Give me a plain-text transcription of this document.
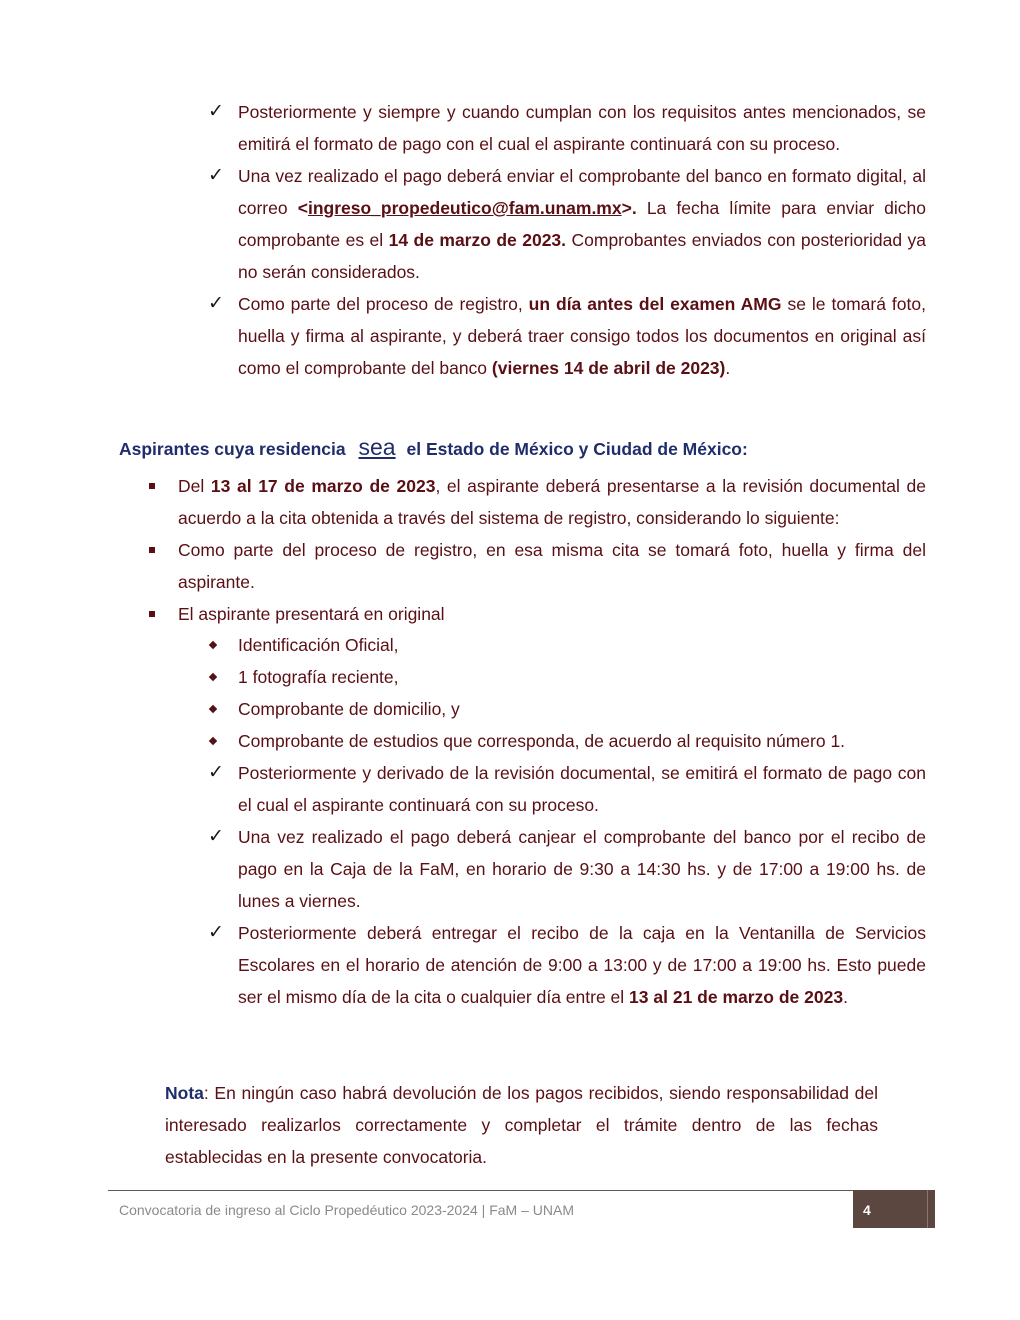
✓ Posteriormente y siempre y cuando cumplan con los requisitos antes mencionados, se emitirá el formato de pago con el cual el aspirante continuará con su proceso.
✓ Una vez realizado el pago deberá enviar el comprobante del banco en formato digital, al correo <ingreso_propedeutico@fam.unam.mx>. La fecha límite para enviar dicho comprobante es el 14 de marzo de 2023. Comprobantes enviados con posterioridad ya no serán considerados.
✓ Como parte del proceso de registro, un día antes del examen AMG se le tomará foto, huella y firma al aspirante, y deberá traer consigo todos los documentos en original así como el comprobante del banco (viernes 14 de abril de 2023).
Aspirantes cuya residencia sea el Estado de México y Ciudad de México:
Del 13 al 17 de marzo de 2023, el aspirante deberá presentarse a la revisión documental de acuerdo a la cita obtenida a través del sistema de registro, considerando lo siguiente:
Como parte del proceso de registro, en esa misma cita se tomará foto, huella y firma del aspirante.
El aspirante presentará en original
Identificación Oficial,
1 fotografía reciente,
Comprobante de domicilio, y
Comprobante de estudios que corresponda, de acuerdo al requisito número 1.
✓ Posteriormente y derivado de la revisión documental, se emitirá el formato de pago con el cual el aspirante continuará con su proceso.
✓ Una vez realizado el pago deberá canjear el comprobante del banco por el recibo de pago en la Caja de la FaM, en horario de 9:30 a 14:30 hs. y de 17:00 a 19:00 hs. de lunes a viernes.
✓ Posteriormente deberá entregar el recibo de la caja en la Ventanilla de Servicios Escolares en el horario de atención de 9:00 a 13:00 y de 17:00 a 19:00 hs. Esto puede ser el mismo día de la cita o cualquier día entre el 13 al 21 de marzo de 2023.
Nota: En ningún caso habrá devolución de los pagos recibidos, siendo responsabilidad del interesado realizarlos correctamente y completar el trámite dentro de las fechas establecidas en la presente convocatoria.
Convocatoria de ingreso al Ciclo Propedéutico 2023-2024 | FaM – UNAM	4
